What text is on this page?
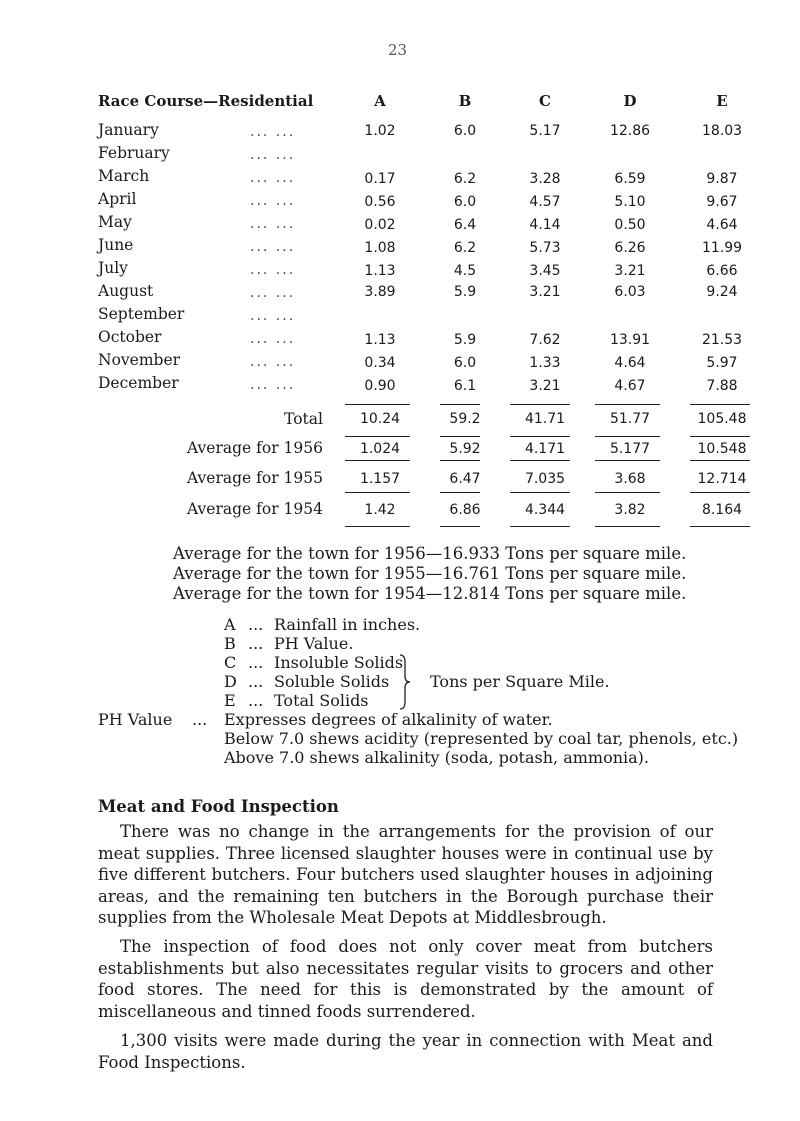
23
Race Course—Residential	A	B	C	D	E
January	... ...	1.02	6.0	5.17	12.86	18.03
February	... ...
March	... ...	0.17	6.2	3.28	6.59	9.87
April	... ...	0.56	6.0	4.57	5.10	9.67
May	... ...	0.02	6.4	4.14	0.50	4.64
June	... ...	1.08	6.2	5.73	6.26	11.99
July	... ...	1.13	4.5	3.45	3.21	6.66
August	... ...	3.89	5.9	3.21	6.03	9.24
September	... ...
October	... ...	1.13	5.9	7.62	13.91	21.53
November	... ...	0.34	6.0	1.33	4.64	5.97
December	... ...	0.90	6.1	3.21	4.67	7.88
Total	10.24	59.2	41.71	51.77	105.48
Average for 1956	1.024	5.92	4.171	5.177	10.548
Average for 1955	1.157	6.47	7.035	3.68	12.714
Average for 1954	1.42	6.86	4.344	3.82	8.164
Average for the town for 1956—16.933 Tons per square mile.
Average for the town for 1955—16.761 Tons per square mile.
Average for the town for 1954—12.814 Tons per square mile.
A ... Rainfall in inches.
B ... PH Value.
C ... Insoluble Solids
D ... Soluble Solids
E ... Total Solids
Tons per Square Mile.
PH Value ... Expresses degrees of alkalinity of water.
Below 7.0 shews acidity (represented by coal tar, phenols, etc.)
Above 7.0 shews alkalinity (soda, potash, ammonia).
Meat and Food Inspection
There was no change in the arrangements for the provision of our meat supplies. Three licensed slaughter houses were in continual use by five different butchers. Four butchers used slaughter houses in adjoining areas, and the remaining ten butchers in the Borough purchase their supplies from the Wholesale Meat Depots at Middlesbrough.
The inspection of food does not only cover meat from butchers establishments but also necessitates regular visits to grocers and other food stores. The need for this is demonstrated by the amount of miscellaneous and tinned foods surrendered.
1,300 visits were made during the year in connection with Meat and Food Inspections.
